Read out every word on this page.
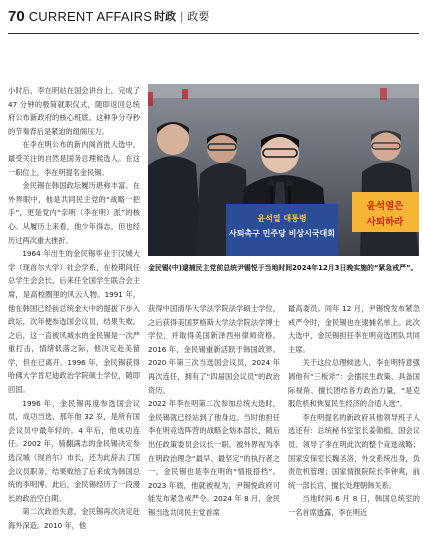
70 CURRENT AFFAIRS 时政 | 政要

小时后，李在明站在国会讲台上，完成了 47 分钟的极简就职仪式，随即返回总统府公布新政府的核心班底。这种争分夺秒的节奏背后是紧迫的组阁压力。

在李在明公布的新内阁首批人选中，最受关注的自然是国务总理候选人。在这一职位上，李在明提名金民锡。

金民锡在韩国政坛履历堪称丰富。在外界眼中，他是共同民主党的“战略一把手”，更是党内“亲明（李在明）派”的核心。从履历上来看，他少年得志，但也经历过两次重大挫折。

1964 年出生的金民锡毕业于汉城大学（现首尔大学）社会学系，在校期间任总学生会会长，后来任全国学生联合会主席，是高校圈里的风云人物。1991 年，他在韩国已经前总统金大中的提拔下步入政坛，次年便参选国会议员，结果失败。之后，这一直被风城水的金民锡是一次严重打击，情绪低落之际，他决定赴美留学，但在已离开。1996 年，金民锡获得哈佛大学肯尼迪政治学院硕士学位，随即回国。

1996 年，金民锡再度参选国会议员，成功当选，那年他 32 岁，是所有国会议员中最年轻的。4 年后，他成功连任。2002 年，骑翻满志的金民锡决定参选汉城（现首尔）市长，还为此辞去了国会议员职务，结果败给了后来成为韩国总统的李明博。此后，金民锡经历了一段漫长的政治空白期。

第二次政治失意，金民锡再次决定赴海外深造。2010 年，他

윤석열 대통령
사퇴촉구 민주당 비상시국대회
윤석열은
사퇴하라
金民锡(中)逮捕民主党前总统尹锡悦于当地时间2024年12月3日晚实施的“紧急戒严”。

获得中国清华大学法学院法学硕士学位，之后获得美国罗格斯大学法学院法学博士学位，并取得美国新泽西州律师资格。2016 年，金民锡重新活跃于韩国政界。2020 年第三次当选国会议员，2024 年再次连任，拥有了“四届国会议员”的政治资历。

2022 年李在明第二次参加总统大选时，金民锡就已经站到了他身边。当时他担任李在明竞选阵营的战略企划本部长，随后出任政策委员会议长一职。被外界视为李在明政治理念“最早、最坚定”的执行者之一，金民锡也是李在明的“情报搭档”。2023 年底，他就被视为，尹锡悦政府可能发布紧急戒严令。2024 年 8 月，金民锡当选共同民主党首席

最高委员。同年 12 月，尹锡悦发布紧急戒严令时，金民锡也在逮捕名单上。此次大选中，金民锡担任李在明竞选团队共同主席。

关于这位总理候选人，李在明特意强调他有“三板斧”：会擂民生政策、具备国际视角、擅长团结各方政治力量，“是克服危机和恢复民生经济的合适人选”。

李在明提名的新政府其他领导班子人选还有：总统秘书室室长姜勋植，国会议员、领导了李在明此次的整个竞选战略；国家安保室长魏圣洛，外交系统出身，负责危机管理；国家情报院院长李钟爽，前统一部长官，擅长处理朝韩关系。

当地时间 6 月 8 日，韩国总统室的一名首席透露，李在明近
